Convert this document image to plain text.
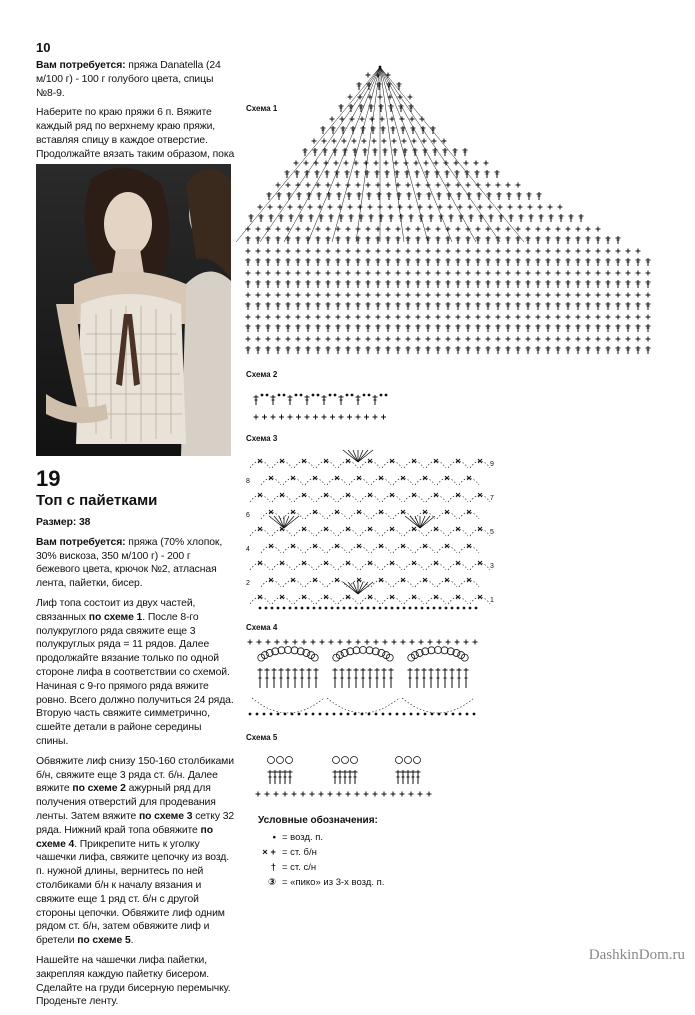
10

Вам потребуется: пряжа Danatella (24 м/100 г) - 100 г голубого цвета, спицы №8-9.

Наберите по краю пряжи 6 п. Вяжите каждый ряд по верхнему краю пряжи, вставляя спицу в каждое отверстие. Продолжайте вязать таким образом, пока

19
Топ с пайетками

Размер: 38

Вам потребуется: пряжа (70% хлопок, 30% вискоза, 350 м/100 г) - 200 г бежевого цвета, крючок №2, атласная лента, пайетки, бисер.

Лиф топа состоит из двух частей, связанных по схеме 1. После 8-го полукруглого ряда свяжите еще 3 полукруглых ряда = 11 рядов. Далее продолжайте вязание только по одной стороне лифа в соответствии со схемой. Начиная с 9-го прямого ряда вяжите ровно. Всего должно получиться 24 ряда. Вторую часть свяжите симметрично, сшейте детали в районе середины спины.

Обвяжите лиф снизу 150-160 столбиками б/н, свяжите еще 3 ряда ст. б/н. Далее вяжите по схеме 2 ажурный ряд для получения отверстий для продевания ленты. Затем вяжите по схеме 3 сетку 32 ряда. Нижний край топа обвяжите по схеме 4. Прикрепите нить к уголку чашечки лифа, свяжите цепочку из возд. п. нужной длины, вернитесь по ней столбиками б/н к началу вязания и свяжите еще 1 ряд ст. б/н с другой стороны цепочки. Обвяжите лиф одним рядом ст. б/н, затем обвяжите лиф и бретели по схеме 5.

Нашейте на чашечки лифа пайетки, закрепляя каждую пайетку бисером. Сделайте на груди бисерную перемычку. Проденьте ленту.

Схема 1
Схема 2
Схема 3
Схема 4
Схема 5
9
8
7
6
5
4
3
2
1
Условные обозначения:
• = возд. п.
× + = ст. б/н
† = ст. с/н
③ = «пико» из 3-х возд. п.
DashkinDom.ru
